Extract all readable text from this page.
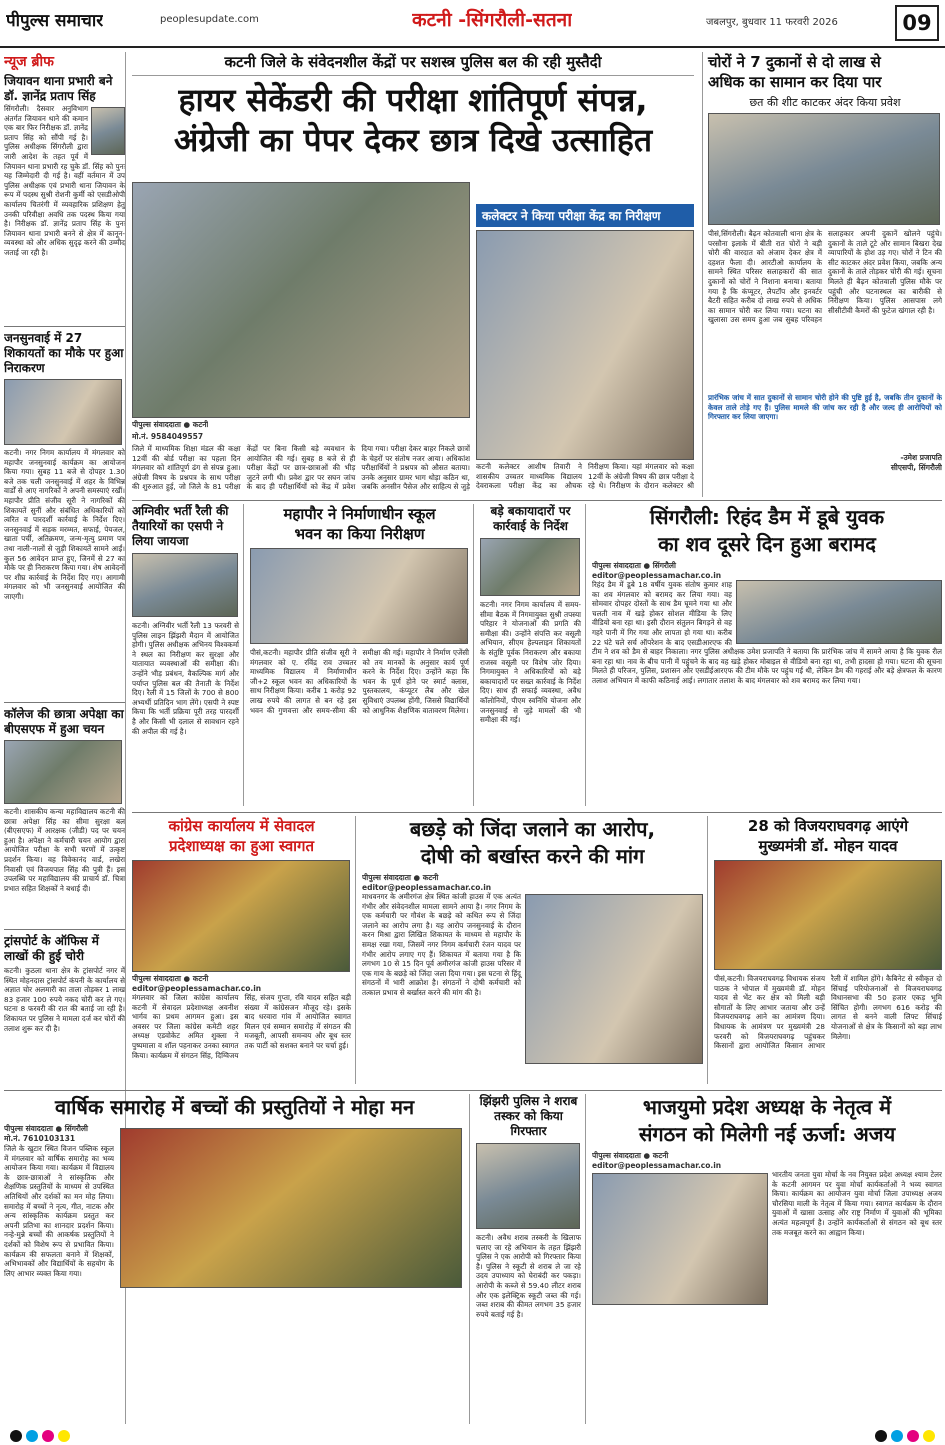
पीपुल्स समाचार	peoplesupdate.com	कटनी -सिंगरौली-सतना	जबलपुर, बुधवार 11 फरवरी 2026	09
न्यूज ब्रीफ
जियावन थाना प्रभारी बने डॉ. ज्ञानेंद्र प्रताप सिंह
सिंगरौली। दैसवार अनुविभाग अंतर्गत जियावन थाने की कमान एक बार फिर निरीक्षक डॉ. ज्ञानेंद्र प्रताप सिंह को सौंपी गई है। पुलिस अधीक्षक सिंगरौली द्वारा जारी आदेश के तहत पूर्व में जियावन थाना प्रभारी रह चुके डॉ. सिंह को पुनः यह जिम्मेदारी दी गई है। वहीं वर्तमान में उप पुलिस अधीक्षक एवं प्रभारी थाना जियावन के रूप में पदस्थ सुश्री रोशनी कुर्मी को एसडीओपी कार्यालय चितरंगी में व्यवहारिक प्रशिक्षण हेतु उनकी परिवीक्षा अवधि तक पदस्थ किया गया है। निरीक्षक डॉ. ज्ञानेंद्र प्रताप सिंह के पुनः जियावन थाना प्रभारी बनने से क्षेत्र में कानून-व्यवस्था को और अधिक सुदृढ़ करने की उम्मीद जताई जा रही है।
जनसुनवाई में 27 शिकायतों का मौके पर हुआ निराकरण
कटनी। नगर निगम कार्यालय में मंगलवार को महापौर जनसुनवाई कार्यक्रम का आयोजन किया गया। सुबह 11 बजे से दोपहर 1.30 बजे तक चली जनसुनवाई में शहर के विभिन्न वार्डों से आए नागरिकों ने अपनी समस्याएं रखीं। महापौर प्रीति संजीव सूरी ने नागरिकों की शिकायतें सुनीं और संबंधित अधिकारियों को त्वरित व पारदर्शी कार्रवाई के निर्देश दिए। जनसुनवाई में सड़क मरम्मत, सफाई, पेयजल, खाता पर्ची, अतिक्रमण, जन्म-मृत्यु प्रमाण पत्र तथा नाली-नालों से जुड़ी शिकायतें सामने आईं। कुल 56 आवेदन प्राप्त हुए, जिनमें से 27 का मौके पर ही निराकरण किया गया। शेष आवेदनों पर शीघ्र कार्रवाई के निर्देश दिए गए। आगामी मंगलवार को भी जनसुनवाई आयोजित की जाएगी।
कॉलेज की छात्रा अपेक्षा का बीएसएफ में हुआ चयन
कटनी। शासकीय कन्या महाविद्यालय कटनी की छात्रा अपेक्षा सिंह का सीमा सुरक्षा बल (बीएसएफ) में आरक्षक (जीडी) पद पर चयन हुआ है। अपेक्षा ने कर्मचारी चयन आयोग द्वारा आयोजित परीक्षा के सभी चरणों में उत्कृष्ट प्रदर्शन किया। वह विवेकानंद वार्ड, लखेरा निवासी एवं विजयपाल सिंह की पुत्री हैं। इस उपलब्धि पर महाविद्यालय की प्राचार्य डॉ. चित्रा प्रभात सहित शिक्षकों ने बधाई दी।
ट्रांसपोर्ट के ऑफिस में लाखों की हुई चोरी
कटनी। कुठला थाना क्षेत्र के ट्रांसपोर्ट नगर में स्थित मोहनदास ट्रांसपोर्ट कंपनी के कार्यालय से अज्ञात चोर अलमारी का ताला तोड़कर 1 लाख 83 हजार 100 रुपये नकद चोरी कर ले गए। घटना 8 फरवरी की रात की बताई जा रही है। शिकायत पर पुलिस ने मामला दर्ज कर चोरों की तलाश शुरू कर दी है।
कटनी जिले के संवेदनशील केंद्रों पर सशस्त्र पुलिस बल की रही मुस्तैदी
हायर सेकेंडरी की परीक्षा शांतिपूर्ण संपन्न,
अंग्रेजी का पेपर देकर छात्र दिखे उत्साहित
पीपुल्स संवाददाता ● कटनी
मो.नं. 9584049557
कलेक्टर ने किया परीक्षा केंद्र का निरीक्षण
जिले में माध्यमिक शिक्षा मंडल की कक्षा 12वीं की बोर्ड परीक्षा का पहला दिन मंगलवार को शांतिपूर्ण ढंग से संपन्न हुआ। अंग्रेजी विषय के प्रश्नपत्र के साथ परीक्षा की शुरुआत हुई, जो जिले के 81 परीक्षा केंद्रों पर बिना किसी बड़े व्यवधान के आयोजित की गई। सुबह 8 बजे से ही परीक्षा केंद्रों पर छात्र-छात्राओं की भीड़ जुटने लगी थी। प्रवेश द्वार पर सघन जांच के बाद ही परीक्षार्थियों को केंद्र में प्रवेश दिया गया। परीक्षा देकर बाहर निकले छात्रों के चेहरों पर संतोष नजर आया। अधिकांश परीक्षार्थियों ने प्रश्नपत्र को औसत बताया। उनके अनुसार ग्रामर भाग थोड़ा कठिन था, जबकि अनसीन पैसेज और साहित्य से जुड़े
कटनी कलेक्टर आशीष तिवारी ने शासकीय उच्चतर माध्यमिक विद्यालय देवराकला परीक्षा केंद्र का औचक निरीक्षण किया। यहां मंगलवार को कक्षा 12वीं के अंग्रेजी विषय की छात्र परीक्षा दे रहे थे। निरीक्षण के दौरान कलेक्टर श्री
चोरों ने 7 दुकानों से दो लाख से
अधिक का सामान कर दिया पार
छत की शीट काटकर अंदर किया प्रवेश
पीसं,सिंगरौली। बैढ़न कोतवाली थाना क्षेत्र के परसौना इलाके में बीती रात चोरों ने बड़ी चोरी की वारदात को अंजाम देकर क्षेत्र में दहशत फैला दी। आरटीओ कार्यालय के सामने स्थित परिसर सलाहकारों की सात दुकानों को चोरों ने निशाना बनाया। बताया गया है कि कंप्यूटर, लैपटॉप और इनवर्टर बैटरी सहित करीब दो लाख रुपये से अधिक का सामान चोरी कर लिया गया। घटना का खुलासा उस समय हुआ जब सुबह परिवहन सलाहकार अपनी दुकानें खोलने पहुंचे। दुकानों के ताले टूटे और सामान बिखरा देख व्यापारियों के होश उड़ गए। चोरों ने टिन की सीट काटकर अंदर प्रवेश किया, जबकि अन्य दुकानों के ताले तोड़कर चोरी की गई। सूचना मिलते ही बैढ़न कोतवाली पुलिस मौके पर पहुंची और घटनास्थल का बारीकी से निरीक्षण किया। पुलिस आसपास लगे सीसीटीवी कैमरों की फुटेज खंगाल रही है।
प्रारंभिक जांच में सात दुकानों से सामान चोरी होने की पुष्टि हुई है, जबकि तीन दुकानों के केवल ताले तोड़े गए हैं। पुलिस मामले की जांच कर रही है और जल्द ही आरोपियों को गिरफ्तार कर लिया जाएगा।
-उमेश प्रजापति
सीएसपी, सिंगरौली
अग्निवीर भर्ती रैली की तैयारियों का एसपी ने लिया जायजा
कटनी। अग्निवीर भर्ती रैली 13 फरवरी से पुलिस लाइन झिंझरी मैदान में आयोजित होगी। पुलिस अधीक्षक अभिनय विश्वकर्मा ने स्थल का निरीक्षण कर सुरक्षा और यातायात व्यवस्थाओं की समीक्षा की। उन्होंने भीड़ प्रबंधन, वैकल्पिक मार्ग और पर्याप्त पुलिस बल की तैनाती के निर्देश दिए। रैली में 15 जिलों के 700 से 800 अभ्यर्थी प्रतिदिन भाग लेंगे। एसपी ने स्पष्ट किया कि भर्ती प्रक्रिया पूरी तरह पारदर्शी है और किसी भी दलाल से सावधान रहने की अपील की गई है।
महापौर ने निर्माणाधीन स्कूल
भवन का किया निरीक्षण
पीसं,कटनी। महापौर प्रीति संजीव सूरी ने मंगलवार को ए. रविंद्र राव उच्चतर माध्यमिक विद्यालय में निर्माणाधीन जी+2 स्कूल भवन का अधिकारियों के साथ निरीक्षण किया। करीब 1 करोड़ 92 लाख रुपये की लागत से बन रहे इस भवन की गुणवत्ता और समय-सीमा की समीक्षा की गई। महापौर ने निर्माण एजेंसी को तय मानकों के अनुसार कार्य पूर्ण करने के निर्देश दिए। उन्होंने कहा कि भवन के पूर्ण होने पर स्मार्ट क्लास, पुस्तकालय, कंप्यूटर लैब और खेल सुविधाएं उपलब्ध होंगी, जिससे विद्यार्थियों को आधुनिक शैक्षणिक वातावरण मिलेगा।
बड़े बकायादारों पर कार्रवाई के निर्देश
कटनी। नगर निगम कार्यालय में समय-सीमा बैठक में निगमायुक्त सुश्री तपस्या परिहार ने योजनाओं की प्रगति की समीक्षा की। उन्होंने संपत्ति कर वसूली अभियान, सीएम हेल्पलाइन शिकायतों के संतुष्टि पूर्वक निराकरण और बकाया राजस्व वसूली पर विशेष जोर दिया। निगमायुक्त ने अधिकारियों को बड़े बकायादारों पर सख्त कार्रवाई के निर्देश दिए। साथ ही सफाई व्यवस्था, अवैध कॉलोनियों, पीएम स्वनिधि योजना और जनसुनवाई से जुड़े मामलों की भी समीक्षा की गई।
सिंगरौली: रिहंद डैम में डूबे युवक
का शव दूसरे दिन हुआ बरामद
पीपुल्स संवाददाता ● सिंगरौली
editor@peoplessamachar.co.in
रिहंद डैम में डूबे 18 वर्षीय युवक संतोष कुमार शाह का शव मंगलवार को बरामद कर लिया गया। वह सोमवार दोपहर दोस्तों के साथ डैम घूमने गया था और चलती नाव में खड़े होकर सोशल मीडिया के लिए वीडियो बना रहा था। इसी दौरान संतुलन बिगड़ने से वह गहरे पानी में गिर गया और लापता हो गया था। करीब 22 घंटे चले सर्च ऑपरेशन के बाद एसडीआरएफ की टीम ने शव को डैम से बाहर निकाला। नगर पुलिस अधीक्षक उमेश प्रजापति ने बताया कि प्रारंभिक जांच में सामने आया है कि युवक रील बना रहा था। नाव के बीच पानी में पहुंचने के बाद वह खड़े होकर मोबाइल से वीडियो बना रहा था, तभी हादसा हो गया। घटना की सूचना मिलते ही परिजन, पुलिस, प्रशासन और एसडीईआरएफ की टीम मौके पर पहुंच गई थी, लेकिन डैम की गहराई और बड़े क्षेत्रफल के कारण तलाश अभियान में काफी कठिनाई आई। लगातार तलाश के बाद मंगलवार को शव बरामद कर लिया गया।
कांग्रेस कार्यालय में सेवादल
प्रदेशाध्यक्ष का हुआ स्वागत
पीपुल्स संवाददाता ● कटनी
editor@peoplessamachar.co.in
मंगलवार को जिला कांग्रेस कार्यालय कटनी में सेवादल प्रदेशाध्यक्ष अवनीश भार्गव का प्रथम आगमन हुआ। इस अवसर पर जिला कांग्रेस कमेटी शहर अध्यक्ष एडवोकेट अमित शुक्ला ने पुष्पमाला व शॉल पहनाकर उनका स्वागत किया। कार्यक्रम में संगठन सिंह, दिग्विजय सिंह, संजय गुप्ता, रवि यादव सहित बड़ी संख्या में कांग्रेसजन मौजूद रहे। इसके बाद धरवारा गांव में आयोजित स्वागत मिलन एवं सम्मान समारोह में संगठन की मजबूती, आपसी समन्वय और बूथ स्तर तक पार्टी को सशक्त बनाने पर चर्चा हुई।
बछड़े को जिंदा जलाने का आरोप,
दोषी को बर्खास्त करने की मांग
पीपुल्स संवाददाता ● कटनी
editor@peoplessamachar.co.in
माधवनगर के अमीरगंज क्षेत्र स्थित कांजी हाउस में एक अत्यंत गंभीर और संवेदनशील मामला सामने आया है। नगर निगम के एक कर्मचारी पर गौवंश के बछड़े को कथित रूप से जिंदा जलाने का आरोप लगा है। यह आरोप जनसुनवाई के दौरान करन मिश्रा द्वारा लिखित शिकायत के माध्यम से महापौर के समक्ष रखा गया, जिसमें नगर निगम कर्मचारी रंजन यादव पर गंभीर आरोप लगाए गए हैं। शिकायत में बताया गया है कि लगभग 10 से 15 दिन पूर्व अमीरगंज कांजी हाउस परिसर में एक गाय के बछड़े को जिंदा जला दिया गया। इस घटना से हिंदू संगठनों में भारी आक्रोश है। संगठनों ने दोषी कर्मचारी को तत्काल प्रभाव से बर्खास्त करने की मांग की है।
28 को विजयराघवगढ़ आएंगे
मुख्यमंत्री डॉ. मोहन यादव
पीसं,कटनी। विजयराघवगढ़ विधायक संजय पाठक ने भोपाल में मुख्यमंत्री डॉ. मोहन यादव से भेंट कर क्षेत्र को मिली बड़ी सौगातों के लिए आभार जताया और उन्हें विजयराघवगढ़ आने का आमंत्रण दिया। विधायक के आमंत्रण पर मुख्यमंत्री 28 फरवरी को विजयराघवगढ़ पहुंचकर किसानों द्वारा आयोजित किसान आभार रैली में शामिल होंगे। कैबिनेट से स्वीकृत दो सिंचाई परियोजनाओं से विजयराघवगढ़ विधानसभा की 50 हजार एकड़ भूमि सिंचित होगी। लगभग 616 करोड़ की लागत से बनने वाली लिफ्ट सिंचाई योजनाओं से क्षेत्र के किसानों को बड़ा लाभ मिलेगा।
वार्षिक समारोह में बच्चों की प्रस्तुतियों ने मोहा मन
पीपुल्स संवाददाता ● सिंगरौली
मो.नं. 7610103131
जिले के खुटार स्थित विजन पब्लिक स्कूल में मंगलवार को वार्षिक समारोह का भव्य आयोजन किया गया। कार्यक्रम में विद्यालय के छात्र-छात्राओं ने सांस्कृतिक और शैक्षणिक प्रस्तुतियों के माध्यम से उपस्थित अतिथियों और दर्शकों का मन मोह लिया। समारोह में बच्चों ने नृत्य, गीत, नाटक और अन्य सांस्कृतिक कार्यक्रम प्रस्तुत कर अपनी प्रतिभा का शानदार प्रदर्शन किया। नन्हे-मुन्ने बच्चों की आकर्षक प्रस्तुतियों ने दर्शकों को विशेष रूप से प्रभावित किया। कार्यक्रम की सफलता बनाने में शिक्षकों, अभिभावकों और विद्यार्थियों के सहयोग के लिए आभार व्यक्त किया गया।
झिंझरी पुलिस ने शराब तस्कर को किया गिरफ्तार
कटनी। अवैध शराब तस्करी के खिलाफ चलाए जा रहे अभियान के तहत झिंझरी पुलिस ने एक आरोपी को गिरफ्तार किया है। पुलिस ने स्कूटी से शराब ले जा रहे उदय उपाध्याय को घेराबंदी कर पकड़ा। आरोपी के कब्जे से 59.40 लीटर शराब और एक इलेक्ट्रिक स्कूटी जब्त की गई। जब्त शराब की कीमत लगभग 35 हजार रुपये बताई गई है।
भाजयुमो प्रदेश अध्यक्ष के नेतृत्व में
संगठन को मिलेगी नई ऊर्जा: अजय
पीपुल्स संवाददाता ● कटनी
editor@peoplessamachar.co.in
भारतीय जनता युवा मोर्चा के नव नियुक्त प्रदेश अध्यक्ष श्याम टेलर के कटनी आगमन पर युवा मोर्चा कार्यकर्ताओं ने भव्य स्वागत किया। कार्यक्रम का आयोजन युवा मोर्चा जिला उपाध्यक्ष अजय चौरसिया माली के नेतृत्व में किया गया। स्वागत कार्यक्रम के दौरान युवाओं में खासा उत्साह और राष्ट्र निर्माण में युवाओं की भूमिका अत्यंत महत्वपूर्ण है। उन्होंने कार्यकर्ताओं से संगठन को बूथ स्तर तक मजबूत करने का आह्वान किया।
